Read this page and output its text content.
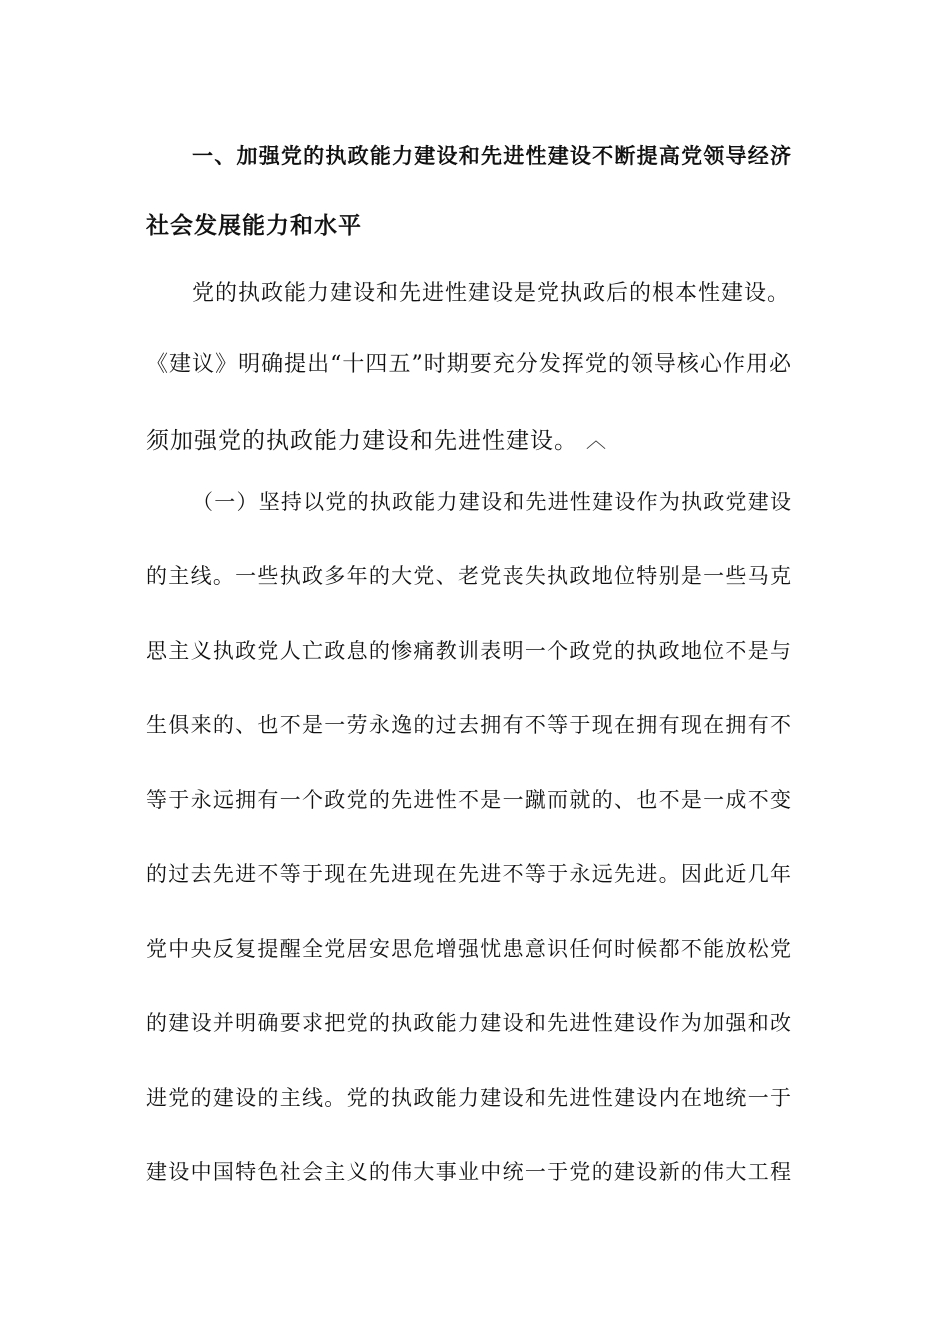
一、加强党的执政能力建设和先进性建设不断提高党领导经济
社会发展能力和水平
党的执政能力建设和先进性建设是党执政后的根本性建设。
《建议》明确提出“十四五”时期要充分发挥党的领导核心作用必
须加强党的执政能力建设和先进性建设。 ︿
（一）坚持以党的执政能力建设和先进性建设作为执政党建设
的主线。一些执政多年的大党、老党丧失执政地位特别是一些马克
思主义执政党人亡政息的惨痛教训表明一个政党的执政地位不是与
生俱来的、也不是一劳永逸的过去拥有不等于现在拥有现在拥有不
等于永远拥有一个政党的先进性不是一蹴而就的、也不是一成不变
的过去先进不等于现在先进现在先进不等于永远先进。因此近几年
党中央反复提醒全党居安思危增强忧患意识任何时候都不能放松党
的建设并明确要求把党的执政能力建设和先进性建设作为加强和改
进党的建设的主线。党的执政能力建设和先进性建设内在地统一于
建设中国特色社会主义的伟大事业中统一于党的建设新的伟大工程
